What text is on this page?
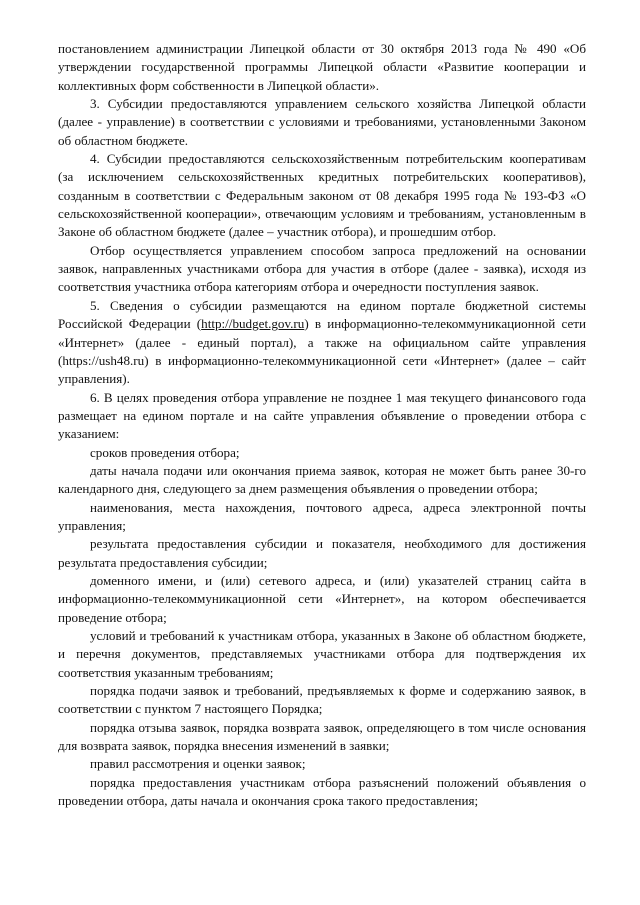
постановлением администрации Липецкой области от 30 октября 2013 года № 490 «Об утверждении государственной программы Липецкой области «Развитие кооперации и коллективных форм собственности в Липецкой области».

3. Субсидии предоставляются управлением сельского хозяйства Липецкой области (далее - управление) в соответствии с условиями и требованиями, установленными Законом об областном бюджете.

4. Субсидии предоставляются сельскохозяйственным потребительским кооперативам (за исключением сельскохозяйственных кредитных потребительских кооперативов), созданным в соответствии с Федеральным законом от 08 декабря 1995 года № 193-ФЗ «О сельскохозяйственной кооперации», отвечающим условиям и требованиям, установленным в Законе об областном бюджете (далее – участник отбора), и прошедшим отбор.

Отбор осуществляется управлением способом запроса предложений на основании заявок, направленных участниками отбора для участия в отборе (далее - заявка), исходя из соответствия участника отбора категориям отбора и очередности поступления заявок.

5. Сведения о субсидии размещаются на едином портале бюджетной системы Российской Федерации (http://budget.gov.ru) в информационно-телекоммуникационной сети «Интернет» (далее - единый портал), а также на официальном сайте управления (https://ush48.ru) в информационно-телекоммуникационной сети «Интернет» (далее – сайт управления).

6. В целях проведения отбора управление не позднее 1 мая текущего финансового года размещает на едином портале и на сайте управления объявление о проведении отбора с указанием:

сроков проведения отбора;

даты начала подачи или окончания приема заявок, которая не может быть ранее 30-го календарного дня, следующего за днем размещения объявления о проведении отбора;

наименования, места нахождения, почтового адреса, адреса электронной почты управления;

результата предоставления субсидии и показателя, необходимого для достижения результата предоставления субсидии;

доменного имени, и (или) сетевого адреса, и (или) указателей страниц сайта в информационно-телекоммуникационной сети «Интернет», на котором обеспечивается проведение отбора;

условий и требований к участникам отбора, указанных в Законе об областном бюджете, и перечня документов, представляемых участниками отбора для подтверждения их соответствия указанным требованиям;

порядка подачи заявок и требований, предъявляемых к форме и содержанию заявок, в соответствии с пунктом 7 настоящего Порядка;

порядка отзыва заявок, порядка возврата заявок, определяющего в том числе основания для возврата заявок, порядка внесения изменений в заявки;

правил рассмотрения и оценки заявок;

порядка предоставления участникам отбора разъяснений положений объявления о проведении отбора, даты начала и окончания срока такого предоставления;
